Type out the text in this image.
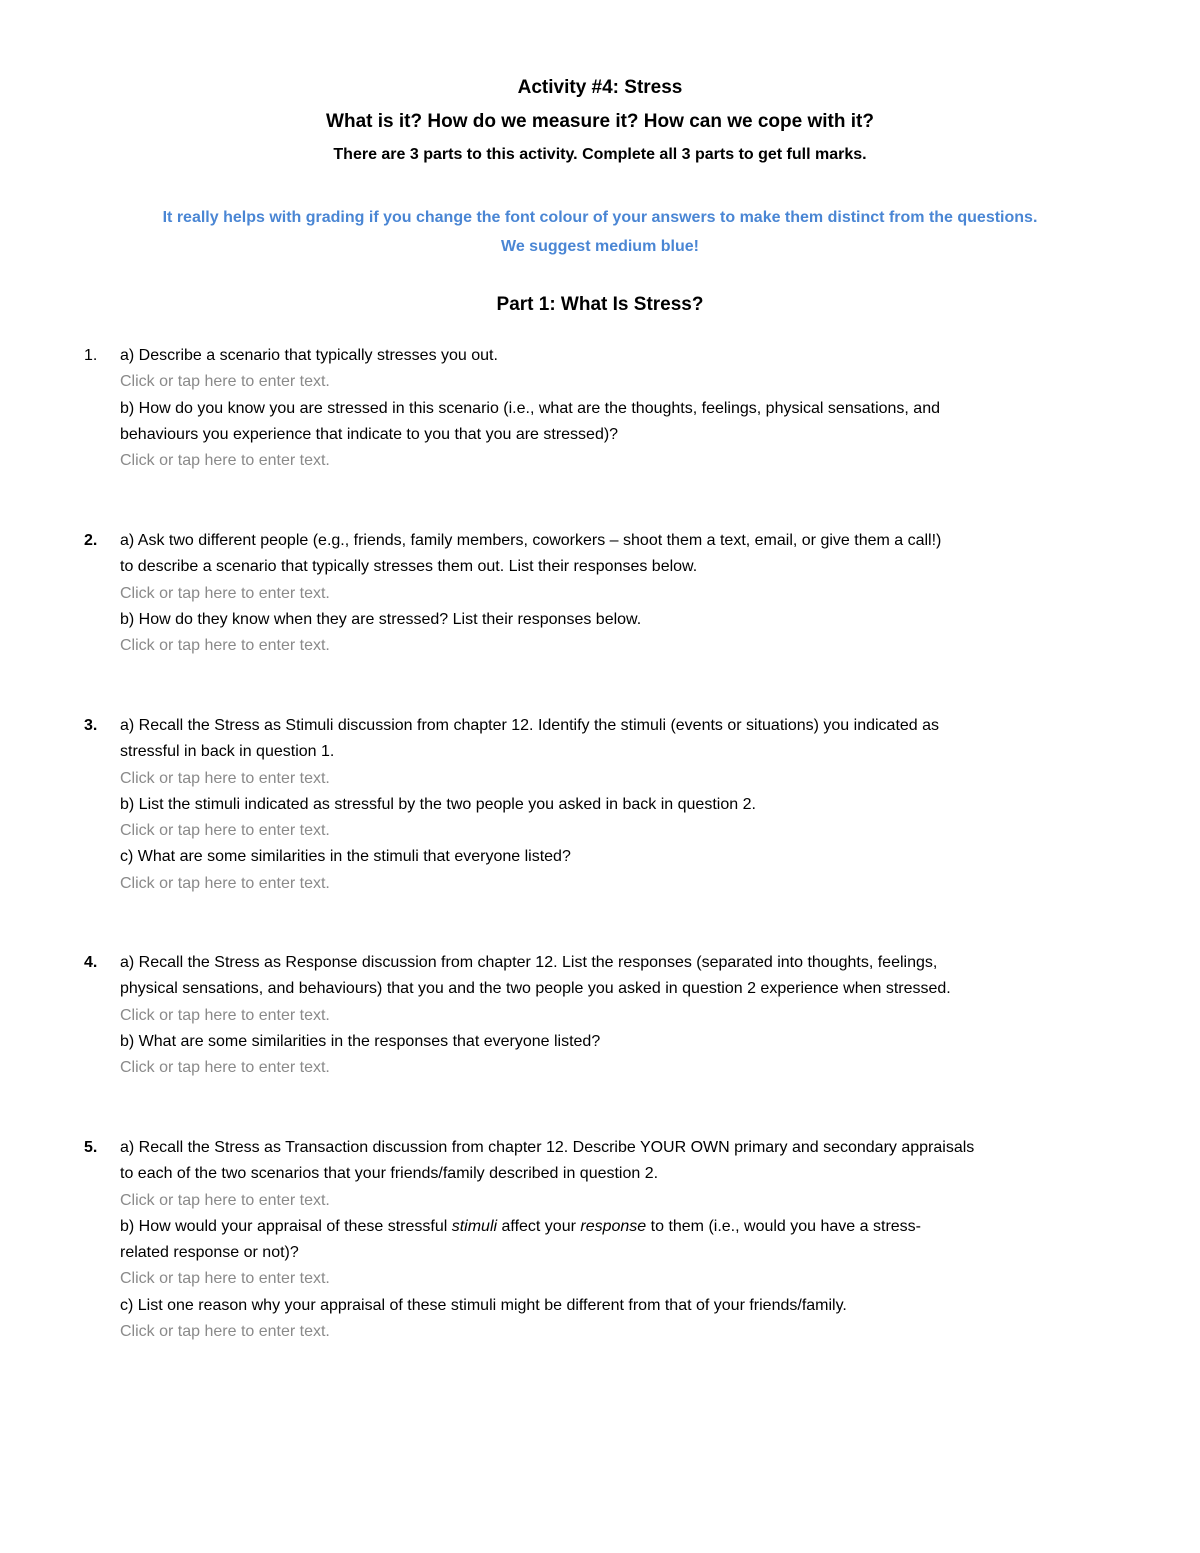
Activity #4: Stress
What is it? How do we measure it? How can we cope with it?
There are 3 parts to this activity. Complete all 3 parts to get full marks.
It really helps with grading if you change the font colour of your answers to make them distinct from the questions.
We suggest medium blue!
Part 1: What Is Stress?
1.	a) Describe a scenario that typically stresses you out.
Click or tap here to enter text.
b) How do you know you are stressed in this scenario (i.e., what are the thoughts, feelings, physical sensations, and
behaviours you experience that indicate to you that you are stressed)?
Click or tap here to enter text.
2.	a) Ask two different people (e.g., friends, family members, coworkers – shoot them a text, email, or give them a call!)
to describe a scenario that typically stresses them out. List their responses below.
Click or tap here to enter text.
b) How do they know when they are stressed? List their responses below.
Click or tap here to enter text.
3.	a) Recall the Stress as Stimuli discussion from chapter 12. Identify the stimuli (events or situations) you indicated as
stressful in back in question 1.
Click or tap here to enter text.
b) List the stimuli indicated as stressful by the two people you asked in back in question 2.
Click or tap here to enter text.
c) What are some similarities in the stimuli that everyone listed?
Click or tap here to enter text.
4.	a) Recall the Stress as Response discussion from chapter 12. List the responses (separated into thoughts, feelings,
physical sensations, and behaviours) that you and the two people you asked in question 2 experience when stressed.
Click or tap here to enter text.
b) What are some similarities in the responses that everyone listed?
Click or tap here to enter text.
5.	a) Recall the Stress as Transaction discussion from chapter 12. Describe YOUR OWN primary and secondary appraisals
to each of the two scenarios that your friends/family described in question 2.
Click or tap here to enter text.
b) How would your appraisal of these stressful stimuli affect your response to them (i.e., would you have a stress-
related response or not)?
Click or tap here to enter text.
c) List one reason why your appraisal of these stimuli might be different from that of your friends/family.
Click or tap here to enter text.
